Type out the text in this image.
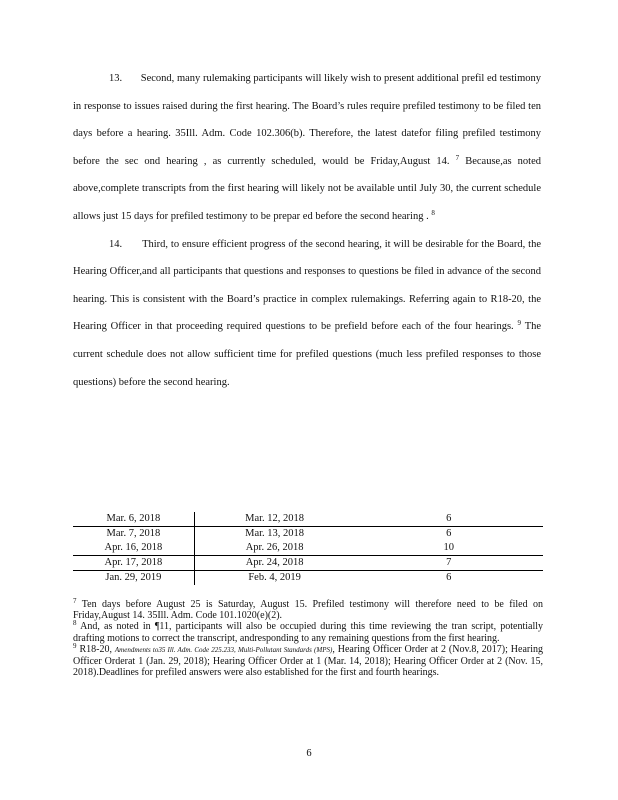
13. Second, many rulemaking participants will likely wish to present additional prefil ed testimony in response to issues raised during the first hearing. The Board’s rules require prefiled testimony to be filed ten days before a hearing. 35Ill. Adm. Code 102.306(b). Therefore, the latest datefor filing prefiled testimony before the sec ond hearing , as currently scheduled, would be Friday,August 14. $^7$ Because,as noted above,complete transcripts from the first hearing will likely not be available until July 30, the current schedule allows just 15 days for prefiled testimony to be prepar ed before the second hearing . $^8$

14. Third, to ensure efficient progress of the second hearing, it will be desirable for the Board, the Hearing Officer,and all participants that questions and responses to questions be filed in advance of the second hearing. This is consistent with the Board’s practice in complex rulemakings. Referring again to R18-20, the Hearing Officer in that proceeding required questions to be prefield before each of the four hearings. $^9$ The current schedule does not allow sufficient time for prefiled questions (much less prefiled responses to those questions) before the second hearing.

Mar. 6, 2018	Mar. 12, 2018	6
Mar. 7, 2018	Mar. 13, 2018	6
Apr. 16, 2018	Apr. 26, 2018	10
Apr. 17, 2018	Apr. 24, 2018	7
Jan. 29, 2019	Feb. 4, 2019	6

$^7$ Ten days before August 25 is Saturday, August 15. Prefiled testimony will therefore need to be filed on Friday,August 14. 35Ill. Adm. Code 101.1020(e)(2).

$^8$ And, as noted in ¶11, participants will also be occupied during this time reviewing the tran script, potentially drafting motions to correct the transcript, andresponding to any remaining questions from the first hearing.

$^9$ R18-20, Amendments to35 Ill. Adm. Code 225.233, Multi-Pollutant Standards (MPS), Hearing Officer Order at 2 (Nov.8, 2017); Hearing Officer Orderat 1 (Jan. 29, 2018); Hearing Officer Order at 1 (Mar. 14, 2018); Hearing Officer Order at 2 (Nov. 15, 2018).Deadlines for prefiled answers were also established for the first and fourth hearings.

6
